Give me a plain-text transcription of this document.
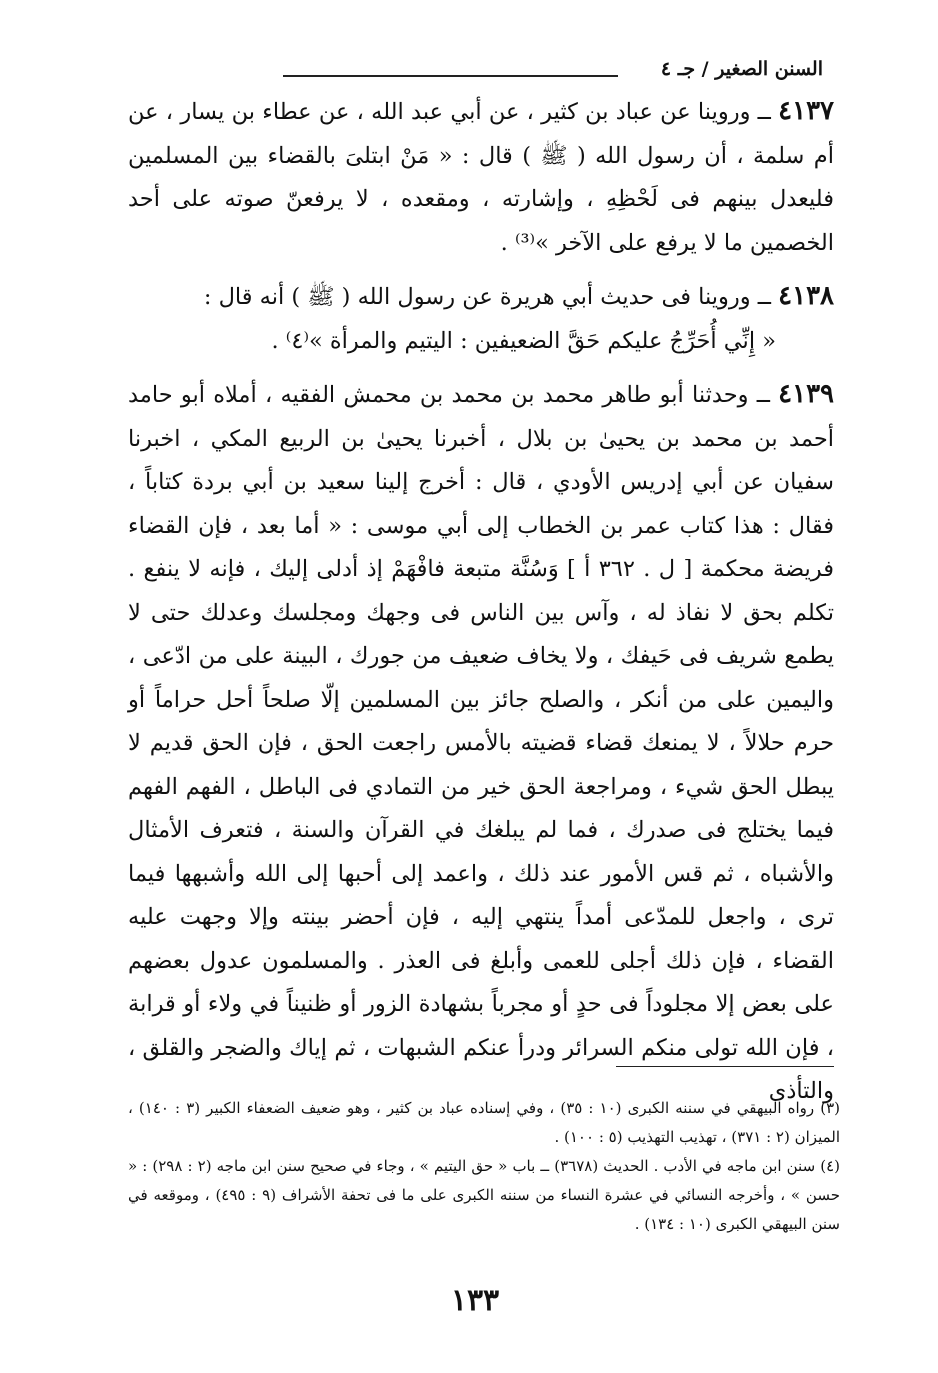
السنن الصغير / جـ ٤

٤١٣٧ ــ وروينا عن عباد بن كثير ، عن أبي عبد الله ، عن عطاء بن يسار ، عن أم سلمة ، أن رسول الله ( ﷺ ) قال : « مَنْ ابتلىَ بالقضاء بين المسلمين فليعدل بينهم فى لَحْظِهِ ، وإشارته ، ومقعده ، لا يرفعنّ صوته على أحد الخصمين ما لا يرفع على الآخر »⁽³⁾ .

٤١٣٨ ــ وروينا فى حديث أبي هريرة عن رسول الله ( ﷺ ) أنه قال :

« إِنِّي أُحَرِّجُ عليكم حَقَّ الضعيفين : اليتيم والمرأة »⁽٤⁾ .

٤١٣٩ ــ وحدثنا أبو طاهر محمد بن محمد بن محمش الفقيه ، أملاه أبو حامد أحمد بن محمد بن يحيىٰ بن بلال ، أخبرنا يحيىٰ بن الربيع المكي ، اخبرنا سفيان عن أبي إدريس الأودي ، قال : أخرج إلينا سعيد بن أبي بردة كتاباً ، فقال : هذا كتاب عمر بن الخطاب إلى أبي موسى : « أما بعد ، فإن القضاء فريضة محكمة [ ل . ٣٦٢ أ ] وَسُنَّة متبعة فافْهَمْ إذ أدلى إليك ، فإنه لا ينفع . تكلم بحق لا نفاذ له ، وآس بين الناس فى وجهك ومجلسك وعدلك حتى لا يطمع شريف فى حَيفك ، ولا يخاف ضعيف من جورك ، البينة على من ادّعى ، واليمين على من أنكر ، والصلح جائز بين المسلمين إلّا صلحاً أحل حراماً أو حرم حلالاً ، لا يمنعك قضاء قضيته بالأمس راجعت الحق ، فإن الحق قديم لا يبطل الحق شيء ، ومراجعة الحق خير من التمادي فى الباطل ، الفهم الفهم فيما يختلج فى صدرك ، فما لم يبلغك في القرآن والسنة ، فتعرف الأمثال والأشباه ، ثم قس الأمور عند ذلك ، واعمد إلى أحبها إلى الله وأشبهها فيما ترى ، واجعل للمدّعى أمداً ينتهي إليه ، فإن أحضر بينته وإلا وجهت عليه القضاء ، فإن ذلك أجلى للعمى وأبلغ فى العذر . والمسلمون عدول بعضهم على بعض إلا مجلوداً فى حدٍ أو مجرباً بشهادة الزور أو ظنيناً في ولاء أو قرابة ، فإن الله تولى منكم السرائر ودرأ عنكم الشبهات ، ثم إياك والضجر والقلق ، والتأذى

(٣) رواه البيهقي في سننه الكبرى (١٠ : ٣٥) ، وفي إسناده عباد بن كثير ، وهو ضعيف الضعفاء الكبير (٣ : ١٤٠) ، الميزان (٢ : ٣٧١) ، تهذيب التهذيب (٥ : ١٠٠) .

(٤) سنن ابن ماجه في الأدب . الحديث (٣٦٧٨) ــ باب « حق اليتيم » ، وجاء في صحيح سنن ابن ماجه (٢ : ٢٩٨) : « حسن » ، وأخرجه النسائي في عشرة النساء من سننه الكبرى على ما فى تحفة الأشراف (٩ : ٤٩٥) ، وموقعه في سنن البيهقي الكبرى (١٠ : ١٣٤) .

١٣٣
